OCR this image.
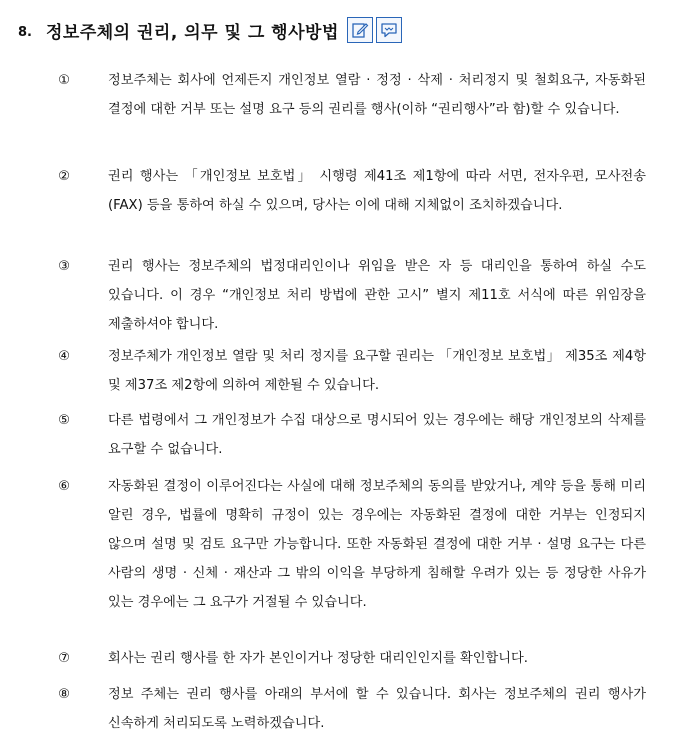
8. 정보주체의 권리, 의무 및 그 행사방법
①	정보주체는 회사에 언제든지 개인정보 열람 · 정정 · 삭제 · 처리정지 및 철회요구, 자동화된 결정에 대한 거부 또는 설명 요구 등의 권리를 행사(이하 “권리행사”라 함)할 수 있습니다.
②	권리 행사는 「개인정보 보호법」 시행령 제41조 제1항에 따라 서면, 전자우편, 모사전송(FAX) 등을 통하여 하실 수 있으며, 당사는 이에 대해 지체없이 조치하겠습니다.
③	권리 행사는 정보주체의 법정대리인이나 위임을 받은 자 등 대리인을 통하여 하실 수도 있습니다. 이 경우 “개인정보 처리 방법에 관한 고시” 별지 제11호 서식에 따른 위임장을 제출하셔야 합니다.
④	정보주체가 개인정보 열람 및 처리 정지를 요구할 권리는 「개인정보 보호법」 제35조 제4항 및 제37조 제2항에 의하여 제한될 수 있습니다.
⑤	다른 법령에서 그 개인정보가 수집 대상으로 명시되어 있는 경우에는 해당 개인정보의 삭제를 요구할 수 없습니다.
⑥	자동화된 결정이 이루어진다는 사실에 대해 정보주체의 동의를 받았거나, 계약 등을 통해 미리 알린 경우, 법률에 명확히 규정이 있는 경우에는 자동화된 결정에 대한 거부는 인정되지 않으며 설명 및 검토 요구만 가능합니다. 또한 자동화된 결정에 대한 거부 · 설명 요구는 다른 사람의 생명 · 신체 · 재산과 그 밖의 이익을 부당하게 침해할 우려가 있는 등 정당한 사유가 있는 경우에는 그 요구가 거절될 수 있습니다.
⑦	회사는 권리 행사를 한 자가 본인이거나 정당한 대리인인지를 확인합니다.
⑧	정보 주체는 권리 행사를 아래의 부서에 할 수 있습니다. 회사는 정보주체의 권리 행사가 신속하게 처리되도록 노력하겠습니다.
